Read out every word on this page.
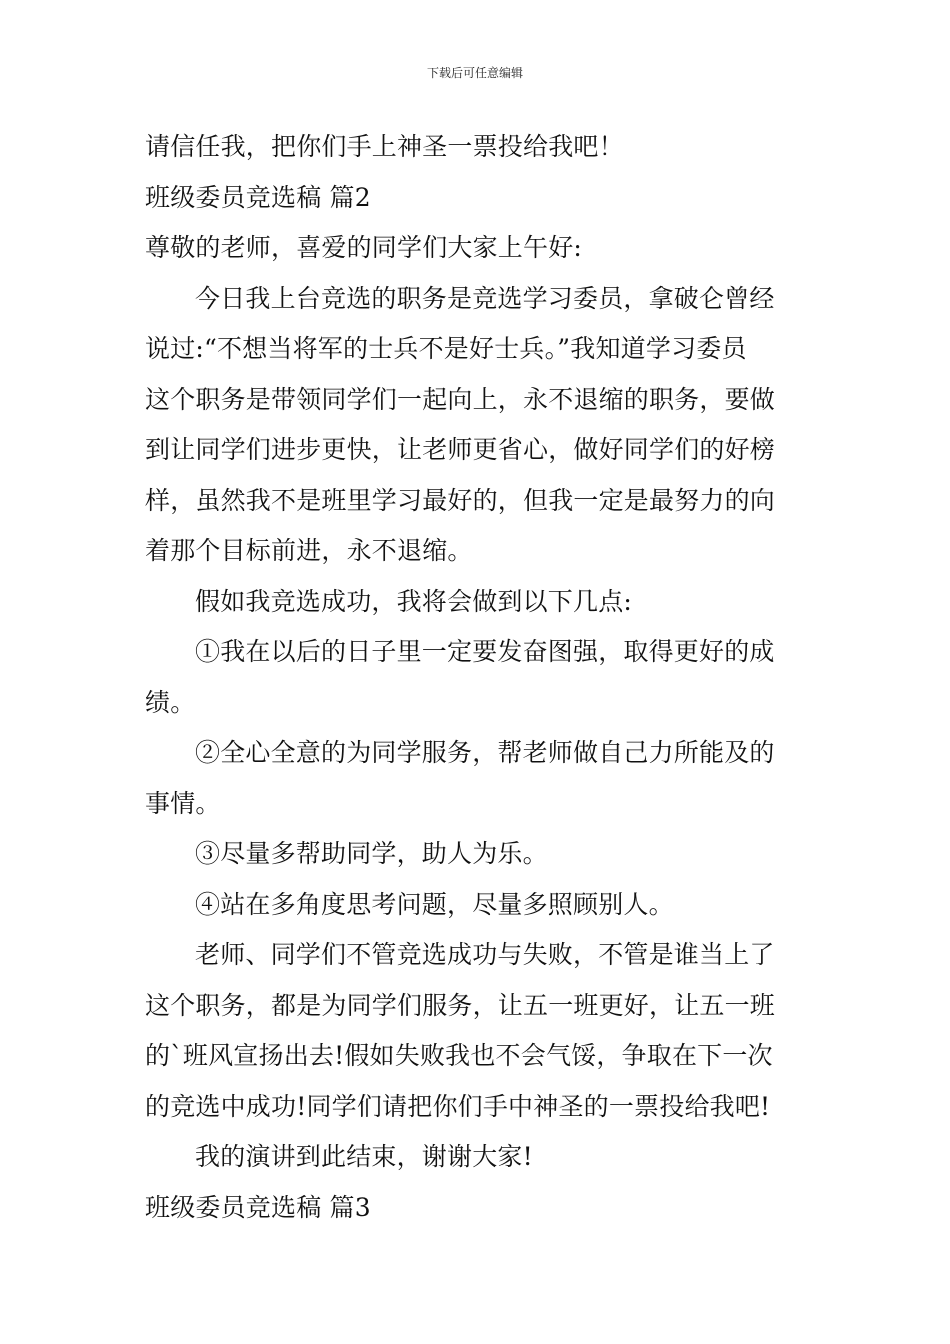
下载后可任意编辑
请信任我，把你们手上神圣一票投给我吧！
班级委员竞选稿 篇2
尊敬的老师，喜爱的同学们大家上午好:
今日我上台竞选的职务是竞选学习委员，拿破仑曾经
说过:“不想当将军的士兵不是好士兵。”我知道学习委员
这个职务是带领同学们一起向上，永不退缩的职务，要做
到让同学们进步更快，让老师更省心，做好同学们的好榜
样，虽然我不是班里学习最好的，但我一定是最努力的向
着那个目标前进，永不退缩。
假如我竞选成功，我将会做到以下几点:
①我在以后的日子里一定要发奋图强，取得更好的成
绩。
②全心全意的为同学服务，帮老师做自己力所能及的
事情。
③尽量多帮助同学，助人为乐。
④站在多角度思考问题，尽量多照顾别人。
老师、同学们不管竞选成功与失败，不管是谁当上了
这个职务，都是为同学们服务，让五一班更好，让五一班
的`班风宣扬出去!假如失败我也不会气馁，争取在下一次
的竞选中成功!同学们请把你们手中神圣的一票投给我吧!
我的演讲到此结束，谢谢大家!
班级委员竞选稿 篇3
